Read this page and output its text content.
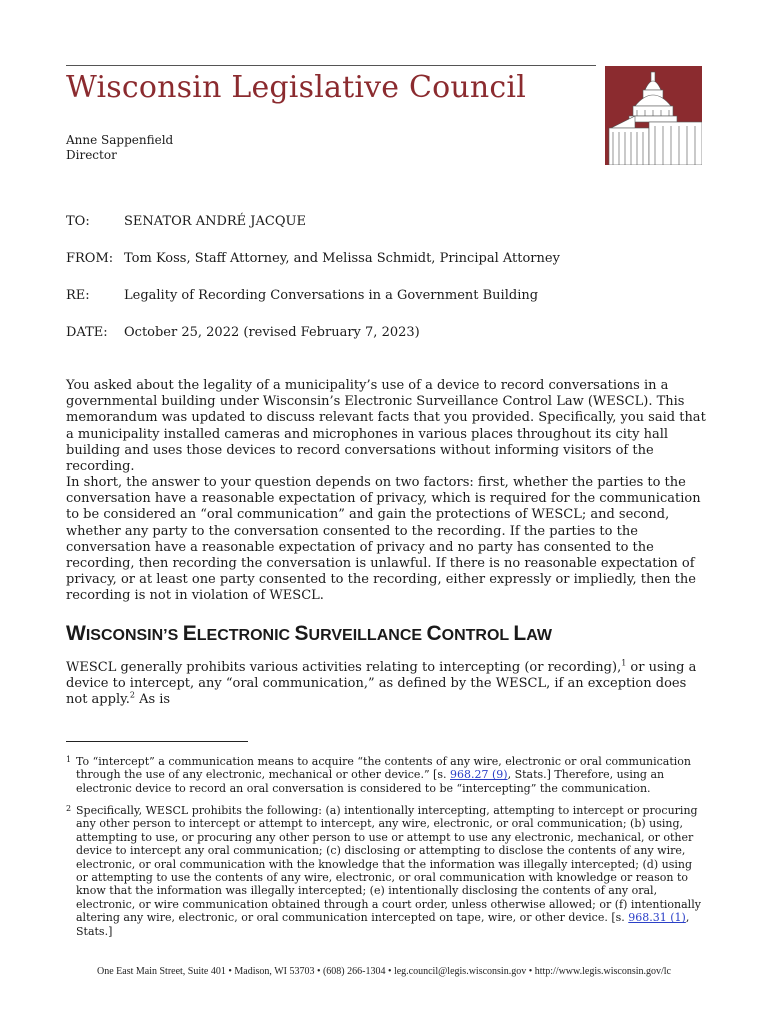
Wisconsin Legislative Council
Anne Sappenfield
Director
TO:	SENATOR ANDRÉ JACQUE
FROM: Tom Koss, Staff Attorney, and Melissa Schmidt, Principal Attorney
RE:	Legality of Recording Conversations in a Government Building
DATE: October 25, 2022 (revised February 7, 2023)

You asked about the legality of a municipality’s use of a device to record conversations in a governmental building under Wisconsin’s Electronic Surveillance Control Law (WESCL). This memorandum was updated to discuss relevant facts that you provided. Specifically, you said that a municipality installed cameras and microphones in various places throughout its city hall building and uses those devices to record conversations without informing visitors of the recording.

In short, the answer to your question depends on two factors: first, whether the parties to the conversation have a reasonable expectation of privacy, which is required for the communication to be considered an “oral communication” and gain the protections of WESCL; and second, whether any party to the conversation consented to the recording. If the parties to the conversation have a reasonable expectation of privacy and no party has consented to the recording, then recording the conversation is unlawful. If there is no reasonable expectation of privacy, or at least one party consented to the recording, either expressly or impliedly, then the recording is not in violation of WESCL.

WISCONSIN’S ELECTRONIC SURVEILLANCE CONTROL LAW

WESCL generally prohibits various activities relating to intercepting (or recording),$^1$ or using a device to intercept, any “oral communication,” as defined by the WESCL, if an exception does not apply.$^2$ As is

1 To “intercept” a communication means to acquire “the contents of any wire, electronic or oral communication through the use of any electronic, mechanical or other device.” [s. 968.27 (9), Stats.] Therefore, using an electronic device to record an oral conversation is considered to be “intercepting” the communication.
2 Specifically, WESCL prohibits the following: (a) intentionally intercepting, attempting to intercept or procuring any other person to intercept or attempt to intercept, any wire, electronic, or oral communication; (b) using, attempting to use, or procuring any other person to use or attempt to use any electronic, mechanical, or other device to intercept any oral communication; (c) disclosing or attempting to disclose the contents of any wire, electronic, or oral communication with the knowledge that the information was illegally intercepted; (d) using or attempting to use the contents of any wire, electronic, or oral communication with knowledge or reason to know that the information was illegally intercepted; (e) intentionally disclosing the contents of any oral, electronic, or wire communication obtained through a court order, unless otherwise allowed; or (f) intentionally altering any wire, electronic, or oral communication intercepted on tape, wire, or other device. [s. 968.31 (1), Stats.]
One East Main Street, Suite 401 • Madison, WI 53703 • (608) 266-1304 • leg.council@legis.wisconsin.gov • http://www.legis.wisconsin.gov/lc
